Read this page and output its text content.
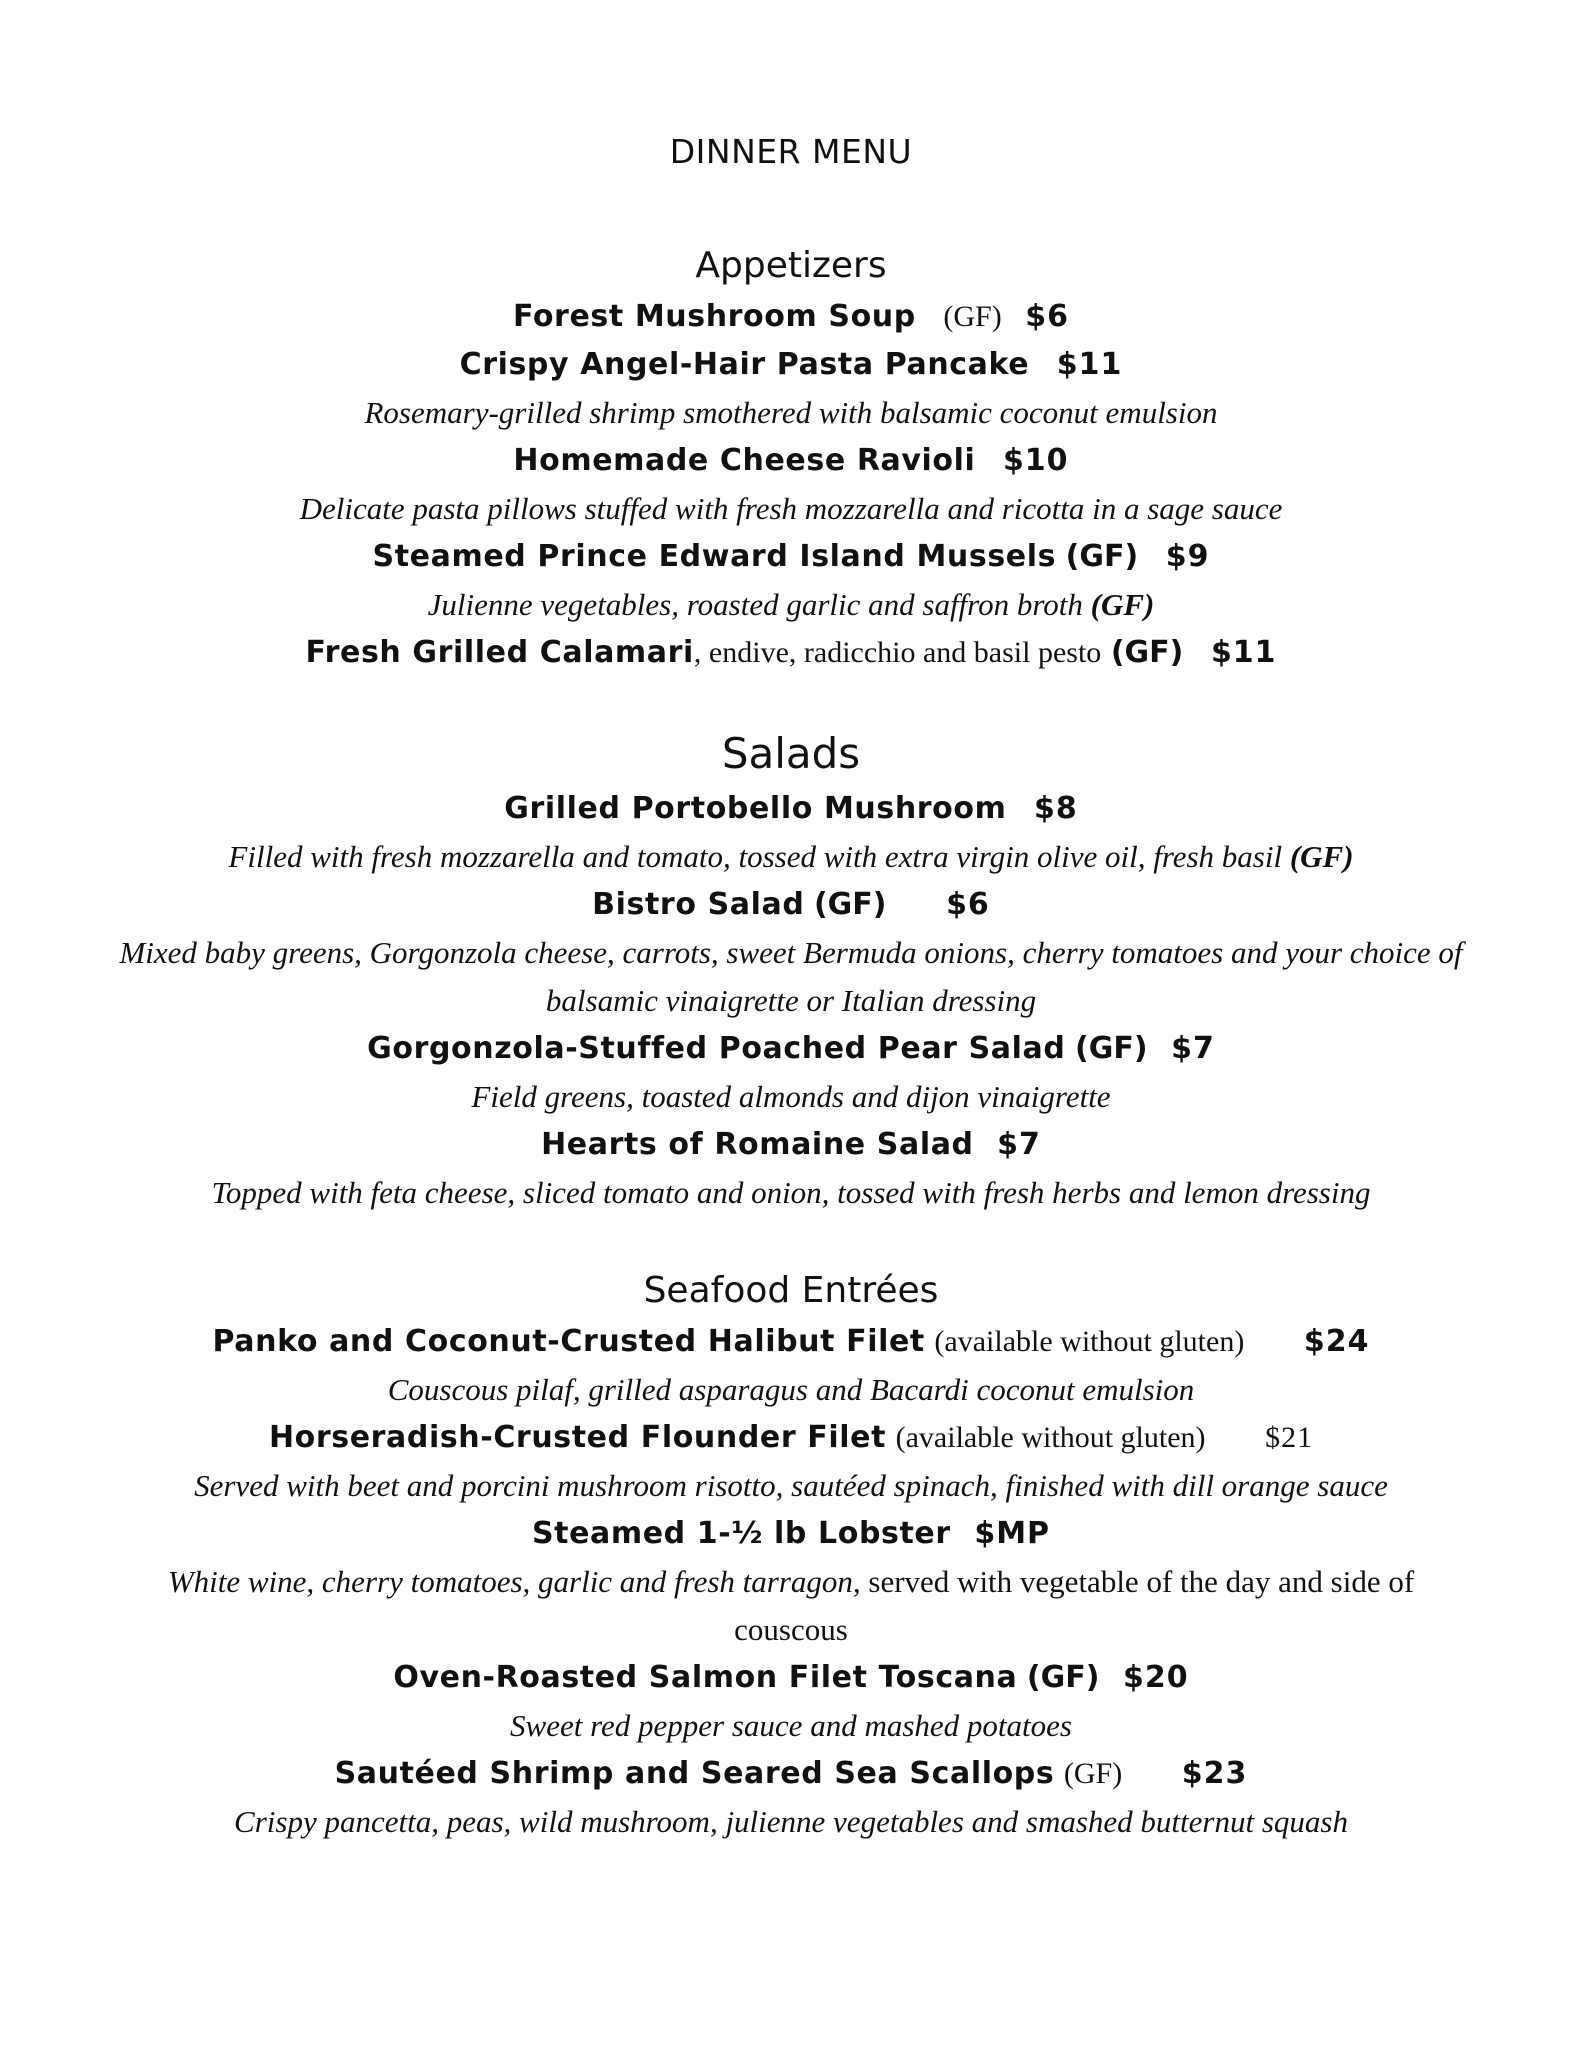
DINNER MENU
Appetizers
Forest Mushroom Soup (GF) $6
Crispy Angel-Hair Pasta Pancake $11
Rosemary-grilled shrimp smothered with balsamic coconut emulsion
Homemade Cheese Ravioli $10
Delicate pasta pillows stuffed with fresh mozzarella and ricotta in a sage sauce
Steamed Prince Edward Island Mussels (GF) $9
Julienne vegetables, roasted garlic and saffron broth (GF)
Fresh Grilled Calamari, endive, radicchio and basil pesto (GF) $11
Salads
Grilled Portobello Mushroom $8
Filled with fresh mozzarella and tomato, tossed with extra virgin olive oil, fresh basil (GF)
Bistro Salad (GF) $6
Mixed baby greens, Gorgonzola cheese, carrots, sweet Bermuda onions, cherry tomatoes and your choice of balsamic vinaigrette or Italian dressing
Gorgonzola-Stuffed Poached Pear Salad (GF) $7
Field greens, toasted almonds and dijon vinaigrette
Hearts of Romaine Salad $7
Topped with feta cheese, sliced tomato and onion, tossed with fresh herbs and lemon dressing
Seafood Entrées
Panko and Coconut-Crusted Halibut Filet (available without gluten) $24
Couscous pilaf, grilled asparagus and Bacardi coconut emulsion
Horseradish-Crusted Flounder Filet (available without gluten) $21
Served with beet and porcini mushroom risotto, sautéed spinach, finished with dill orange sauce
Steamed 1-½ lb Lobster $MP
White wine, cherry tomatoes, garlic and fresh tarragon, served with vegetable of the day and side of couscous
Oven-Roasted Salmon Filet Toscana (GF) $20
Sweet red pepper sauce and mashed potatoes
Sautéed Shrimp and Seared Sea Scallops (GF) $23
Crispy pancetta, peas, wild mushroom, julienne vegetables and smashed butternut squash
